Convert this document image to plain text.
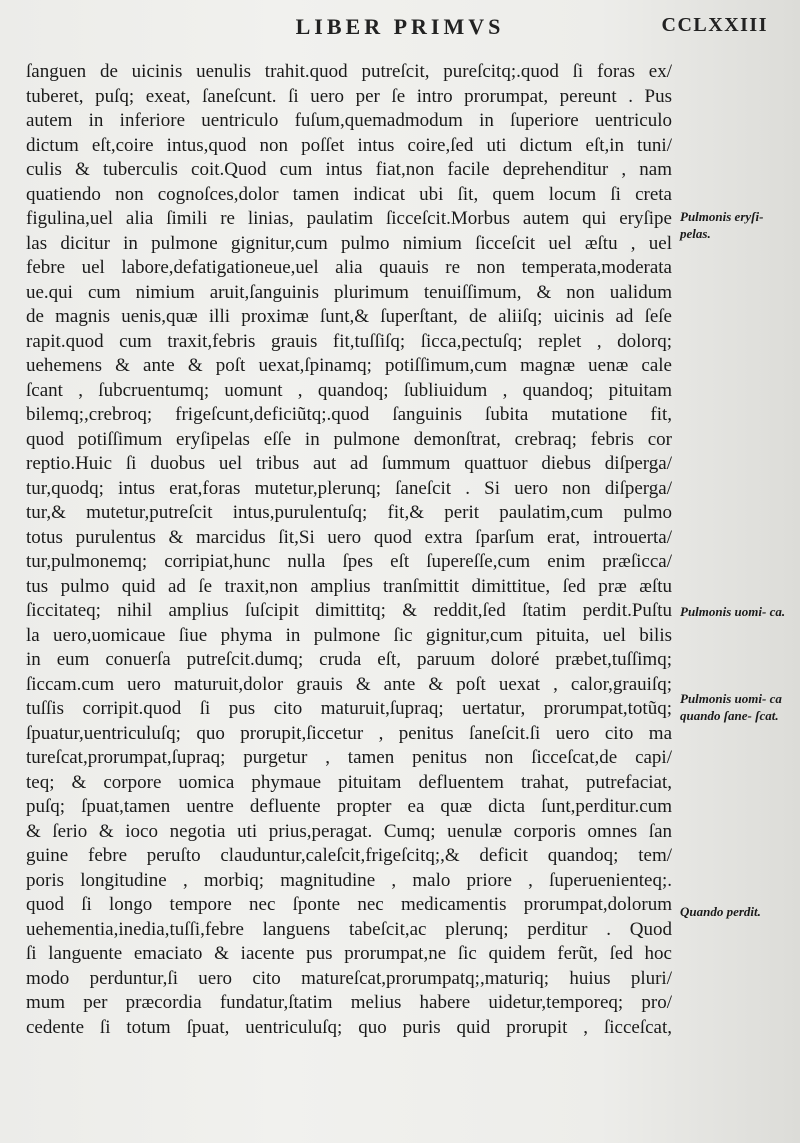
LIBER PRIMVS	CCLXXIII
ſanguen de uicinis uenulis trahit.quod putreſcit, pureſcitq;.quod ſi foras ex/
tuberet, puſq; exeat, ſaneſcunt. ſi uero per ſe intro prorumpat, pereunt . Pus
autem in inferiore uentriculo fuſum,quemadmodum in ſuperiore uentriculo
dictum eſt,coire intus,quod non poſſet intus coire,ſed uti dictum eſt,in tuni/
culis & tuberculis coit.Quod cum intus fiat,non facile deprehenditur , nam
quatiendo non cognoſces,dolor tamen indicat ubi ſit, quem locum ſi creta
figulina,uel alia ſimili re linias, paulatim ſicceſcit.Morbus autem qui eryſipe
las dicitur in pulmone gignitur,cum pulmo nimium ſicceſcit uel æſtu , uel
febre uel labore,defatigationeue,uel alia quauis re non temperata,moderata
ue.qui cum nimium aruit,ſanguinis plurimum tenuiſſimum, & non ualidum
de magnis uenis,quæ illi proximæ ſunt,& ſuperſtant, de aliiſq; uicinis ad ſeſe
rapit.quod cum traxit,febris grauis fit,tuſſiſq; ſicca,pectuſq; replet , dolorq;
uehemens & ante & poſt uexat,ſpinamq; potiſſimum,cum magnæ uenæ cale
ſcant , ſubcruentumq; uomunt , quandoq; ſubliuidum , quandoq; pituitam
bilemq;,crebroq; frigeſcunt,deficiũtq;.quod ſanguinis ſubita mutatione fit,
quod potiſſimum eryſipelas eſſe in pulmone demonſtrat, crebraq; febris cor
reptio.Huic ſi duobus uel tribus aut ad ſummum quattuor diebus diſperga/
tur,quodq; intus erat,foras mutetur,plerunq; ſaneſcit . Si uero non diſperga/
tur,& mutetur,putreſcit intus,purulentuſq; fit,& perit paulatim,cum pulmo
totus purulentus & marcidus ſit,Si uero quod extra ſparſum erat, introuerta/
tur,pulmonemq; corripiat,hunc nulla ſpes eſt ſupereſſe,cum enim præſicca/
tus pulmo quid ad ſe traxit,non amplius tranſmittit dimittitue, ſed præ æſtu
ſiccitateq; nihil amplius ſuſcipit dimittitq; & reddit,ſed ſtatim perdit.Puſtu
la uero,uomicaue ſiue phyma in pulmone ſic gignitur,cum pituita, uel bilis
in eum conuerſa putreſcit.dumq; cruda eſt, paruum doloré præbet,tuſſimq;
ſiccam.cum uero maturuit,dolor grauis & ante & poſt uexat , calor,grauiſq;
tuſſis corripit.quod ſi pus cito maturuit,ſupraq; uertatur, prorumpat,totũq;
ſpuatur,uentriculuſq; quo prorupit,ſiccetur , penitus ſaneſcit.ſi uero cito ma
tureſcat,prorumpat,ſupraq; purgetur , tamen penitus non ſicceſcat,de capi/
teq; & corpore uomica phymaue pituitam defluentem trahat, putrefaciat,
puſq; ſpuat,tamen uentre defluente propter ea quæ dicta ſunt,perditur.cum
& ſerio & ioco negotia uti prius,peragat. Cumq; uenulæ corporis omnes ſan
guine febre peruſto clauduntur,caleſcit,frigeſcitq;,& deficit quandoq; tem/
poris longitudine , morbiq; magnitudine , malo priore , ſuperuenienteq;.
quod ſi longo tempore nec ſponte nec medicamentis prorumpat,dolorum
uehementia,inedia,tuſſi,febre languens tabeſcit,ac plerunq; perditur . Quod
ſi languente emaciato & iacente pus prorumpat,ne ſic quidem ferũt, ſed hoc
modo perduntur,ſi uero cito matureſcat,prorumpatq;,maturiq; huius pluri/
mum per præcordia fundatur,ſtatim melius habere uidetur,temporeq; pro/
cedente ſi totum ſpuat, uentriculuſq; quo puris quid prorupit , ſicceſcat,
Pulmonis eryſi- pelas.
Pulmonis uomi- ca.
Pulmonis uomi- ca quando ſane- ſcat.
Quando perdit.
